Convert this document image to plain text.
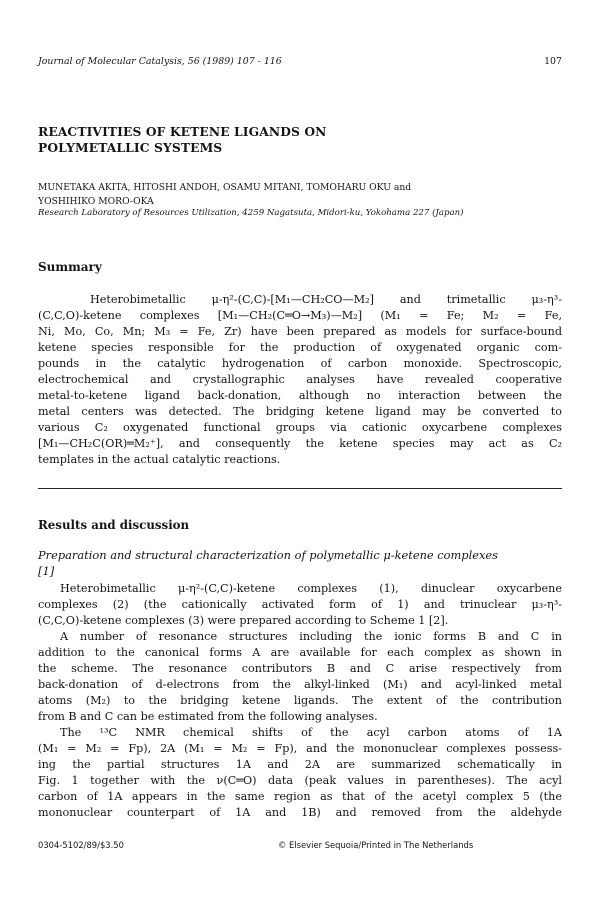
Journal of Molecular Catalysis, 56 (1989) 107 - 116	107
REACTIVITIES OF KETENE LIGANDS ON
POLYMETALLIC SYSTEMS
MUNETAKA AKITA, HITOSHI ANDOH, OSAMU MITANI, TOMOHARU OKU and
YOSHIHIKO MORO-OKA
Research Laboratory of Resources Utilization, 4259 Nagatsuta, Midori-ku, Yokohama 227 (Japan)
Summary
Heterobimetallic μ-η²-(C,C)-[M₁—CH₂CO—M₂] and trimetallic μ₃-η³-
(C,C,O)-ketene complexes [M₁—CH₂(C═O→M₃)—M₂] (M₁ = Fe; M₂ = Fe,
Ni, Mo, Co, Mn; M₃ = Fe, Zr) have been prepared as models for surface-bound
ketene species responsible for the production of oxygenated organic com-
pounds in the catalytic hydrogenation of carbon monoxide. Spectroscopic,
electrochemical and crystallographic analyses have revealed cooperative
metal-to-ketene ligand back-donation, although no interaction between the
metal centers was detected. The bridging ketene ligand may be converted to
various C₂ oxygenated functional groups via cationic oxycarbene complexes
[M₁—CH₂C(OR)═M₂⁺], and consequently the ketene species may act as C₂
templates in the actual catalytic reactions.
Results and discussion
Preparation and structural characterization of polymetallic μ-ketene complexes
[1]
Heterobimetallic μ-η²-(C,C)-ketene complexes (1), dinuclear oxycarbene
complexes (2) (the cationically activated form of 1) and trinuclear μ₃-η³-
(C,C,O)-ketene complexes (3) were prepared according to Scheme 1 [2].
A number of resonance structures including the ionic forms B and C in
addition to the canonical forms A are available for each complex as shown in
the scheme. The resonance contributors B and C arise respectively from
back-donation of d-electrons from the alkyl-linked (M₁) and acyl-linked metal
atoms (M₂) to the bridging ketene ligands. The extent of the contribution
from B and C can be estimated from the following analyses.
The ¹³C NMR chemical shifts of the acyl carbon atoms of 1A
(M₁ = M₂ = Fp), 2A (M₁ = M₂ = Fp), and the mononuclear complexes possess-
ing the partial structures 1A and 2A are summarized schematically in
Fig. 1 together with the ν(C═O) data (peak values in parentheses). The acyl
carbon of 1A appears in the same region as that of the acetyl complex 5 (the
mononuclear counterpart of 1A and 1B) and removed from the aldehyde
0304-5102/89/$3.50	© Elsevier Sequoia/Printed in The Netherlands
